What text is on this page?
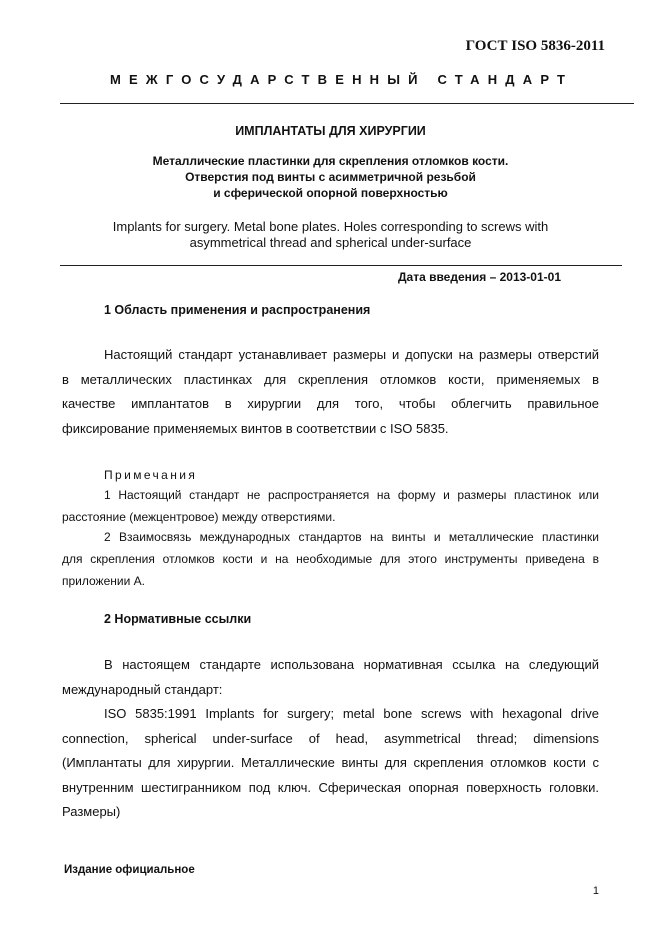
ГОСТ ISO 5836-2011
МЕЖГОСУДАРСТВЕННЫЙ СТАНДАРТ
ИМПЛАНТАТЫ ДЛЯ ХИРУРГИИ
Металлические пластинки для скрепления отломков кости.
Отверстия под винты с асимметричной резьбой
и сферической опорной поверхностью
Implants for surgery. Metal bone plates. Holes corresponding to screws with
asymmetrical thread and spherical under-surface
Дата введения – 2013-01-01
1 Область применения и распространения
Настоящий стандарт устанавливает размеры и допуски на размеры отверстий
в металлических пластинках для скрепления отломков кости, применяемых в
качестве имплантатов в хирургии для того, чтобы облегчить правильное
фиксирование применяемых винтов в соответствии с ISO 5835.
Примечания
1 Настоящий стандарт не распространяется на форму и размеры пластинок или
расстояние (межцентровое) между отверстиями.
2 Взаимосвязь международных стандартов на винты и металлические пластинки
для скрепления отломков кости и на необходимые для этого инструменты приведена в
приложении А.
2 Нормативные ссылки
В настоящем стандарте использована нормативная ссылка на следующий
международный стандарт:
ISO 5835:1991 Implants for surgery; metal bone screws with hexagonal drive
connection, spherical under-surface of head, asymmetrical thread; dimensions
(Имплантаты для хирургии. Металлические винты для скрепления отломков кости с
внутренним шестигранником под ключ. Сферическая опорная поверхность головки.
Размеры)
Издание официальное
1
